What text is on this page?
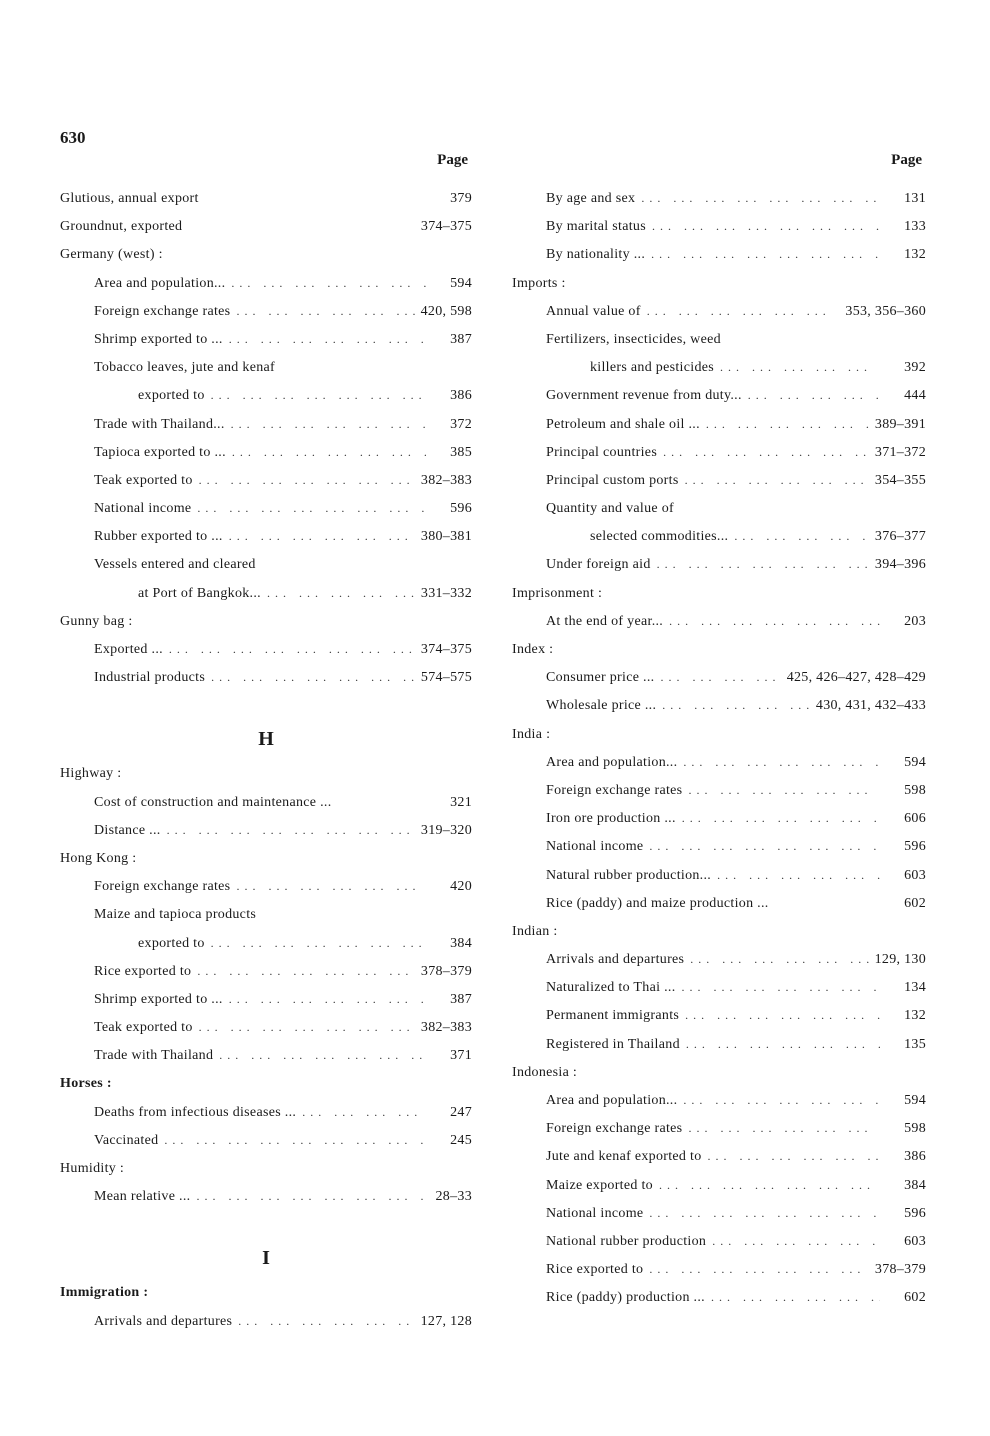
630
Page
Glutious, annual export	379
Groundnut, exported	374–375
Germany (west) :
Area and population... ... .	594
Foreign exchange rates ... .	420, 598
Shrimp exported to ... ... .	387
Tobacco leaves, jute and kenaf
exported to ... .	386
Trade with Thailand... ... .	372
Tapioca exported to ... ... .	385
Teak exported to ... .	382–383
National income ... .	596
Rubber exported to ... ... .	380–381
Vessels entered and cleared
at Port of Bangkok... ... .	331–332
Gunny bag :
Exported ... ... .	374–375
Industrial products ... .	574–575
H
Highway :
Cost of construction and maintenance ...	321
Distance ... ... .	319–320
Hong Kong :
Foreign exchange rates ... .	420
Maize and tapioca products
exported to ... .	384
Rice exported to ... .	378–379
Shrimp exported to ... ... .	387
Teak exported to ... .	382–383
Trade with Thailand ... .	371
Horses :
Deaths from infectious diseases ... ... .	247
Vaccinated ... .	245
Humidity :
Mean relative ... ... .	28–33
I
Immigration :
Arrivals and departures ... .	127, 128
Page
By age and sex ... .	131
By marital status ... .	133
By nationality ... ... .	132
Imports :
Annual value of ... .	353, 356–360
Fertilizers, insecticides, weed
killers and pesticides ... .	392
Government revenue from duty... ... .	444
Petroleum and shale oil ... ... .	389–391
Principal countries ... .	371–372
Principal custom ports ... .	354–355
Quantity and value of
selected commodities... ... .	376–377
Under foreign aid ... .	394–396
Imprisonment :
At the end of year... ... .	203
Index :
Consumer price ... ... .	425, 426–427, 428–429
Wholesale price ... ... .	430, 431, 432–433
India :
Area and population... ... .	594
Foreign exchange rates ... .	598
Iron ore production ... ... .	606
National income ... .	596
Natural rubber production... ... .	603
Rice (paddy) and maize production ...	602
Indian :
Arrivals and departures ... .	129, 130
Naturalized to Thai ... ... .	134
Permanent immigrants ... .	132
Registered in Thailand ... .	135
Indonesia :
Area and population... ... .	594
Foreign exchange rates ... .	598
Jute and kenaf exported to ... .	386
Maize exported to ... .	384
National income ... .	596
National rubber production ... .	603
Rice exported to ... .	378–379
Rice (paddy) production ... ... .	602
